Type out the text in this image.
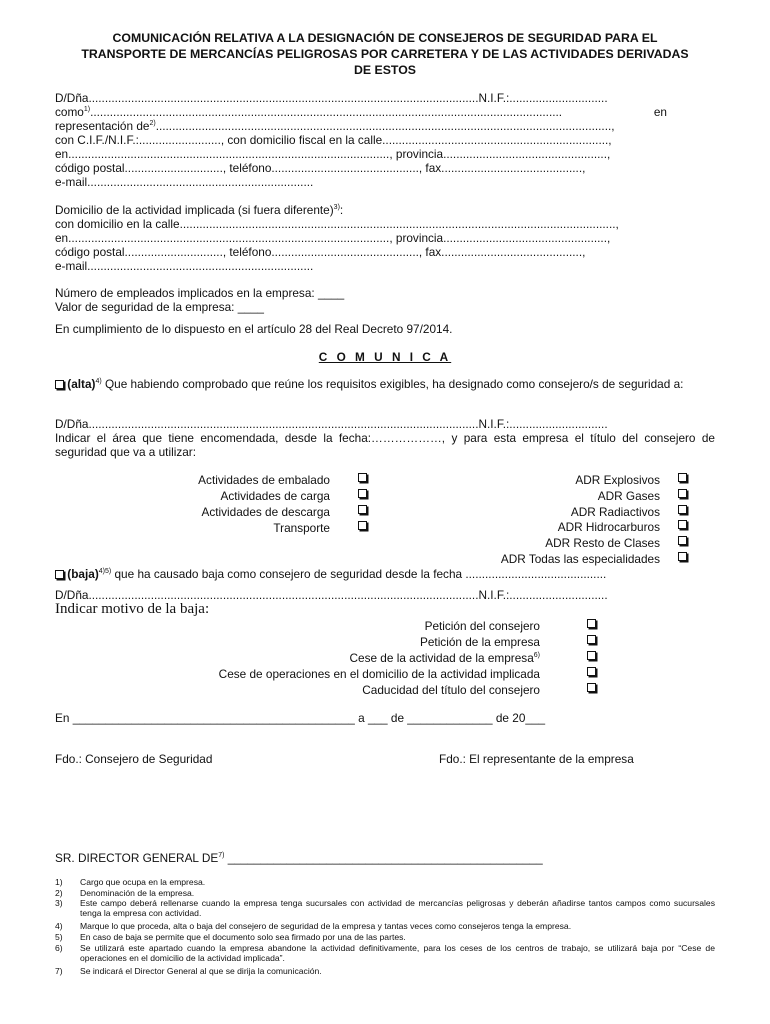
COMUNICACIÓN RELATIVA A LA DESIGNACIÓN DE CONSEJEROS DE SEGURIDAD PARA EL
TRANSPORTE DE MERCANCÍAS PELIGROSAS POR CARRETERA Y DE LAS ACTIVIDADES DERIVADAS
DE ESTOS
D/Dña.......................................................................................................................N.I.F.:..............................
como$^{1)}$................................................................................................................................................	en
representación $de^{2)}$...........................................................................................................................................,
con C.I.F./N.I.F.:........................., con domicilio fiscal en la calle.....................................................................,
en.................................................................................................., provincia..................................................,
código postal.............................., teléfono............................................., fax...........................................,
e-mail.....................................................................
Domicilio de la actividad implicada (si fuera diferente)$^{3)}$:
con domicilio en la calle.....................................................................................................................................,
en.................................................................................................., provincia..................................................,
código postal.............................., teléfono............................................., fax...........................................,
e-mail.....................................................................
Número de empleados implicados en la empresa: ____
Valor de seguridad de la empresa: ____
En cumplimiento de lo dispuesto en el artículo 28 del Real Decreto 97/2014.
C O M U N I C A
(alta)$^{4)}$ Que habiendo comprobado que reúne los requisitos exigibles, ha designado como consejero/s de seguridad a:
D/Dña.......................................................................................................................N.I.F.:..............................
Indicar el área que tiene encomendada, desde la fecha:………………, y para esta empresa el título del consejero de seguridad que va a utilizar:
Actividades de embalado
Actividades de carga
Actividades de descarga
Transporte
ADR Explosivos
ADR Gases
ADR Radiactivos
ADR Hidrocarburos
ADR Resto de Clases
ADR Todas las especialidades
(baja)$^{4)5)}$ que ha causado baja como consejero de seguridad desde la fecha ...........................................
D/Dña.......................................................................................................................N.I.F.:..............................
Indicar motivo de la baja:
Petición del consejero
Petición de la empresa
Cese de la actividad de la empresa$^{6)}$
Cese de operaciones en el domicilio de la actividad implicada
Caducidad del título del consejero
En ___________________________________________ a ___ de _____________ de 20___
Fdo.: Consejero de Seguridad	Fdo.: El representante de la empresa
SR. DIRECTOR GENERAL DE$^{7)}$ ________________________________________________
1) Cargo que ocupa en la empresa.
2) Denominación de la empresa.
3) Este campo deberá rellenarse cuando la empresa tenga sucursales con actividad de mercancías peligrosas y deberán añadirse tantos campos como sucursales tenga la empresa con actividad.
4) Marque lo que proceda, alta o baja del consejero de seguridad de la empresa y tantas veces como consejeros tenga la empresa.
5) En caso de baja se permite que el documento solo sea firmado por una de las partes.
6) Se utilizará este apartado cuando la empresa abandone la actividad definitivamente, para los ceses de los centros de trabajo, se utilizará baja por “Cese de operaciones en el domicilio de la actividad implicada”.
7) Se indicará el Director General al que se dirija la comunicación.
